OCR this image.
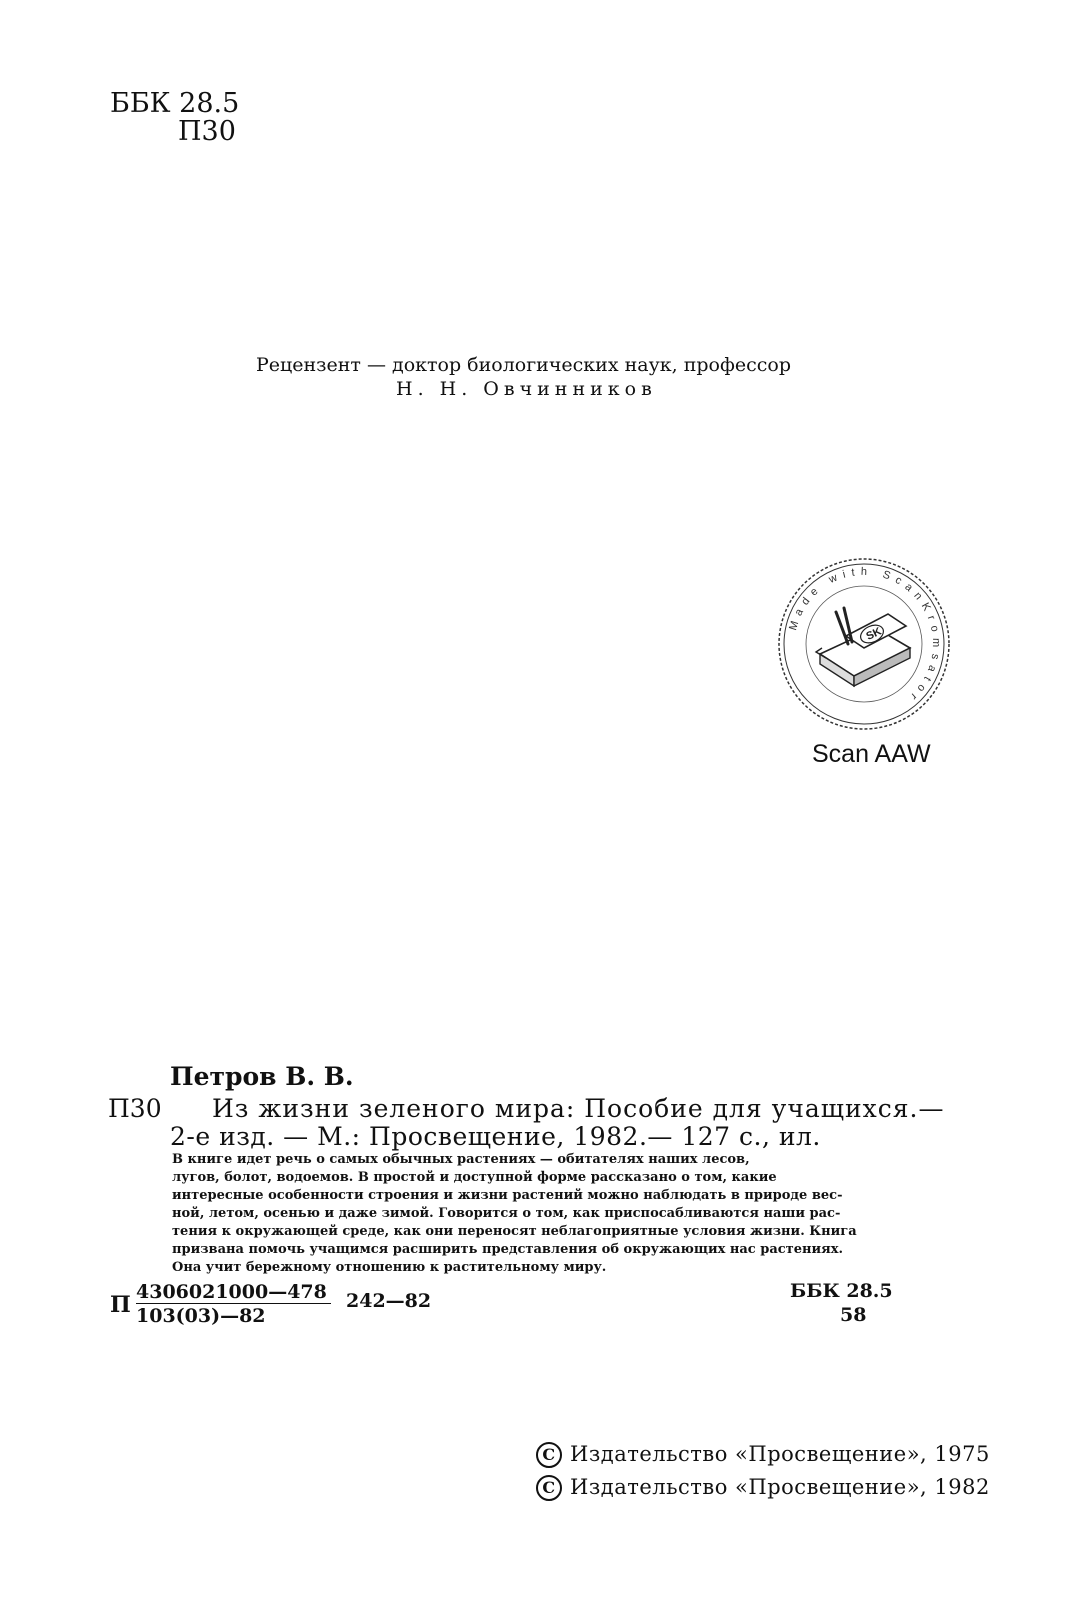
ББК 28.5
П30
Рецензент — доктор биологических наук, профессор
Н. Н. Овчинников
Made with ScanKromsator
SK
Scan AAW
Петров В. В.
П30 Из жизни зеленого мира: Пособие для учащихся.—
2-е изд. — М.: Просвещение, 1982.— 127 с., ил.
В книге идет речь о самых обычных растениях — обитателях наших лесов,
лугов, болот, водоемов. В простой и доступной форме рассказано о том, какие
интересные особенности строения и жизни растений можно наблюдать в природе вес-
ной, летом, осенью и даже зимой. Говорится о том, как приспосабливаются наши рас-
тения к окружающей среде, как они переносят неблагоприятные условия жизни. Книга
призвана помочь учащимся расширить представления об окружающих нас растениях.
Она учит бережному отношению к растительному миру.
П 4306021000—478
103(03)—82
242—82	ББК 28.5
58
C Издательство «Просвещение», 1975
C Издательство «Просвещение», 1982
